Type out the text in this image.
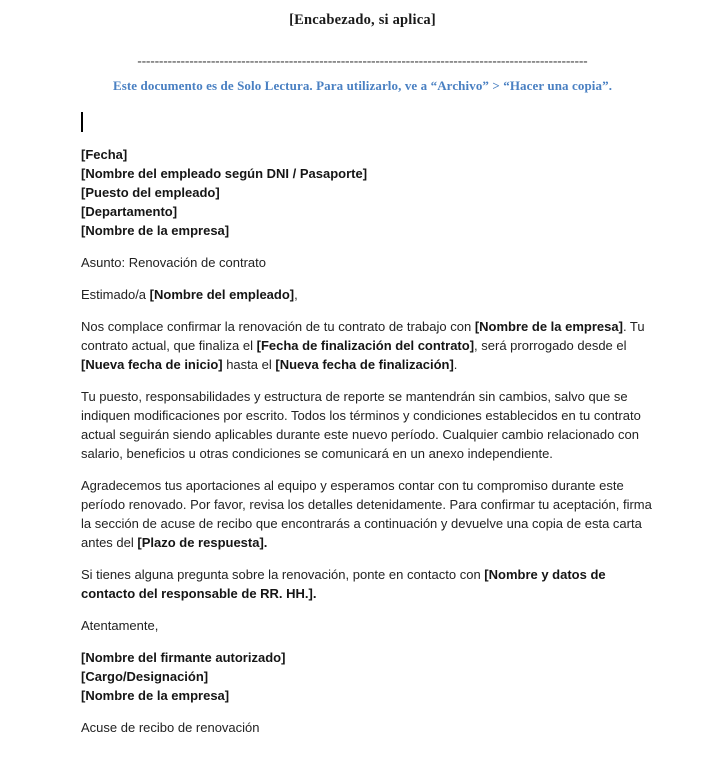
[Encabezado, si aplica]
--------------------------------------------------------------------------------------------------------
Este documento es de Solo Lectura. Para utilizarlo, ve a “Archivo” > “Hacer una copia”.

[Fecha]
[Nombre del empleado según DNI / Pasaporte]
[Puesto del empleado]
[Departamento]
[Nombre de la empresa]

Asunto: Renovación de contrato

Estimado/a [Nombre del empleado],

Nos complace confirmar la renovación de tu contrato de trabajo con [Nombre de la empresa]. Tu contrato actual, que finaliza el [Fecha de finalización del contrato], será prorrogado desde el [Nueva fecha de inicio] hasta el [Nueva fecha de finalización].

Tu puesto, responsabilidades y estructura de reporte se mantendrán sin cambios, salvo que se indiquen modificaciones por escrito. Todos los términos y condiciones establecidos en tu contrato actual seguirán siendo aplicables durante este nuevo período. Cualquier cambio relacionado con salario, beneficios u otras condiciones se comunicará en un anexo independiente.

Agradecemos tus aportaciones al equipo y esperamos contar con tu compromiso durante este período renovado. Por favor, revisa los detalles detenidamente. Para confirmar tu aceptación, firma la sección de acuse de recibo que encontrarás a continuación y devuelve una copia de esta carta antes del [Plazo de respuesta].

Si tienes alguna pregunta sobre la renovación, ponte en contacto con [Nombre y datos de contacto del responsable de RR. HH.].

Atentamente,

[Nombre del firmante autorizado]
[Cargo/Designación]
[Nombre de la empresa]

Acuse de recibo de renovación
